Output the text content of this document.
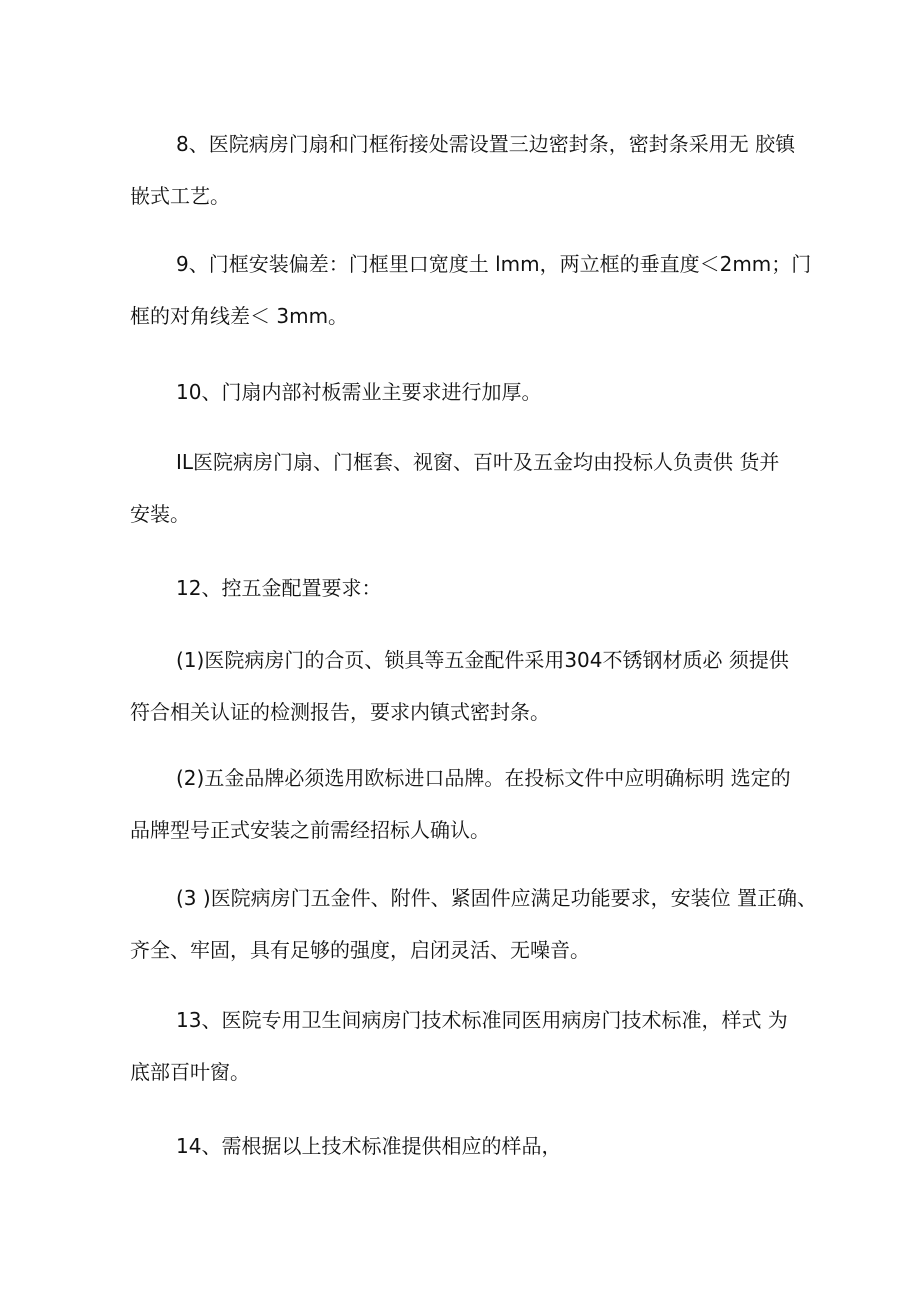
8、医院病房门扇和门框衔接处需设置三边密封条，密封条采用无 胶镇
嵌式工艺。
9、门框安装偏差：门框里口宽度土 lmm，两立框的垂直度＜2mm；门
框的对角线差＜ 3mm。
10、门扇内部衬板需业主要求进行加厚。
IL医院病房门扇、门框套、视窗、百叶及五金均由投标人负责供 货并
安装。
12、控五金配置要求：
(1)医院病房门的合页、锁具等五金配件采用304不锈钢材质必 须提供
符合相关认证的检测报告，要求内镇式密封条。
(2)五金品牌必须选用欧标进口品牌。在投标文件中应明确标明 选定的
品牌型号正式安装之前需经招标人确认。
(3 )医院病房门五金件、附件、紧固件应满足功能要求，安装位 置正确、
齐全、牢固，具有足够的强度，启闭灵活、无噪音。
13、医院专用卫生间病房门技术标准同医用病房门技术标准，样式 为
底部百叶窗。
14、需根据以上技术标准提供相应的样品，
